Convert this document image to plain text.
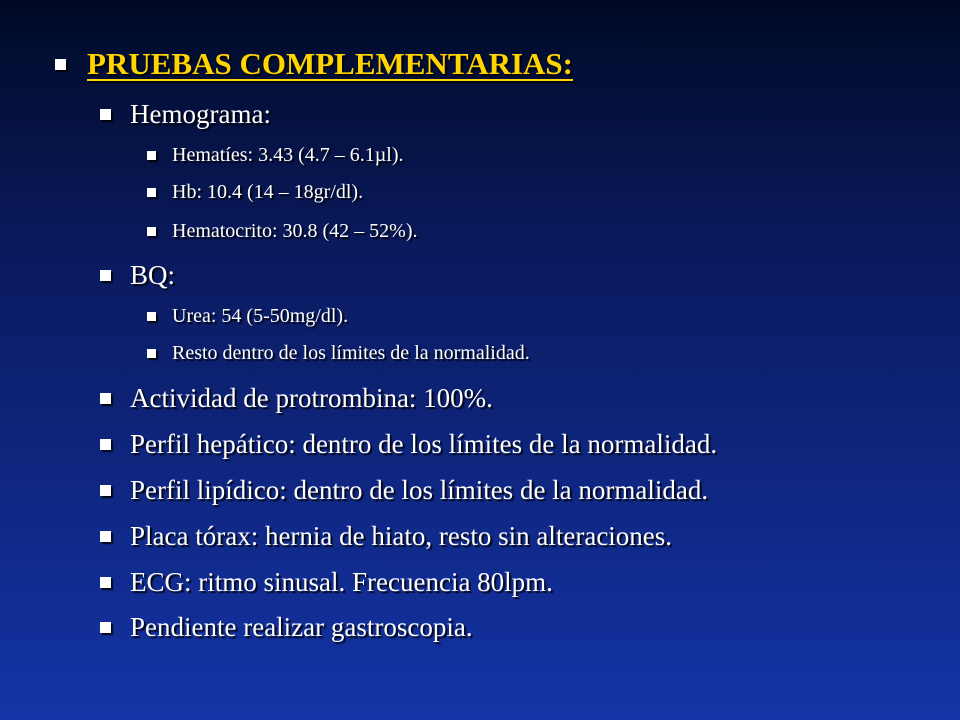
PRUEBAS COMPLEMENTARIAS:
Hemograma:
Hematíes: 3.43 (4.7 – 6.1µl).
Hb: 10.4 (14 – 18gr/dl).
Hematocrito: 30.8 (42 – 52%).
BQ:
Urea: 54 (5-50mg/dl).
Resto dentro de los límites de la normalidad.
Actividad de protrombina: 100%.
Perfil hepático: dentro de los límites de la normalidad.
Perfil lipídico: dentro de los límites de la normalidad.
Placa tórax: hernia de hiato, resto sin alteraciones.
ECG: ritmo sinusal. Frecuencia 80lpm.
Pendiente realizar gastroscopia.
